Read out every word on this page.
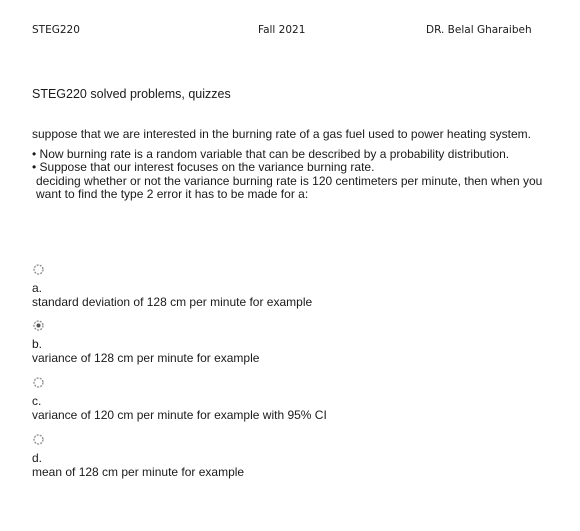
STEG220	Fall 2021	DR. Belal Gharaibeh
STEG220 solved problems, quizzes

suppose that we are interested in the burning rate of a gas fuel used to power heating system.

• Now burning rate is a random variable that can be described by a probability distribution.

• Suppose that our interest focuses on the variance burning rate.

deciding whether or not the variance burning rate is 120 centimeters per minute, then when you want to find the type 2 error it has to be made for a:

a.
standard deviation of 128 cm per minute for example
b.
variance of 128 cm per minute for example
c.
variance of 120 cm per minute for example with 95% CI
d.
mean of 128 cm per minute for example
